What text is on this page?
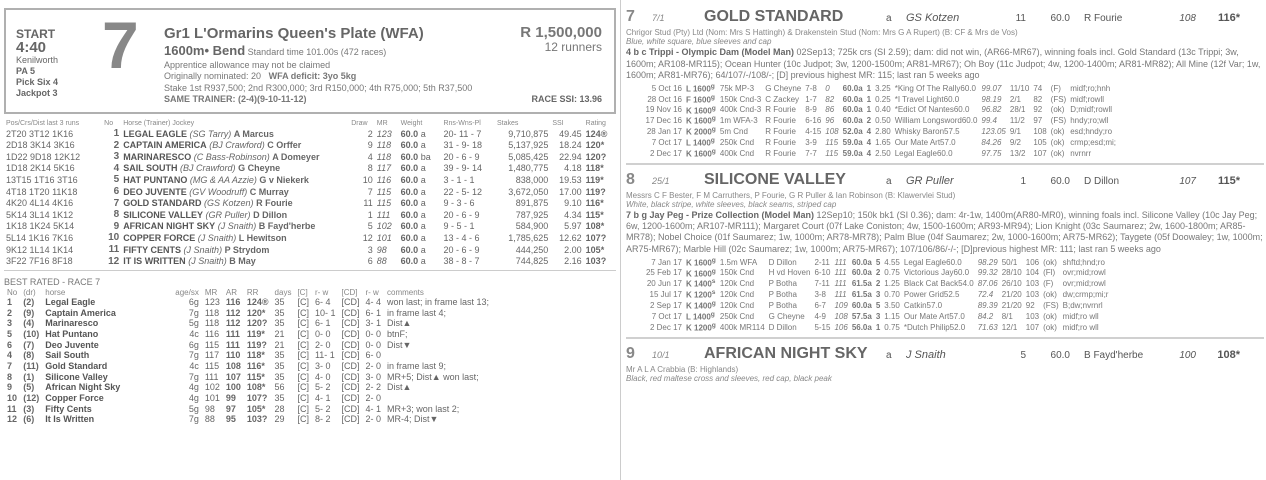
START
4:40
Kenilworth
PA 5
Pick Six 4
Jackpot 3
7 Gr1 L'Ormarins Queen's Plate (WFA)
1600m• Bend Standard time 101.00s (472 races)
Apprentice allowance may not be claimed
Originally nominated: 20 WFA deficit: 3yo 5kg
Stake 1st R937,500; 2nd R300,000; 3rd R150,000; 4th R75,000; 5th R37,500
SAME TRAINER: (2-4)(9-10-11-12)
R 1,500,000
12 runners
RACE SSI: 13.96
Pos/Crs/Dist last 3 runs	No	Horse (Trainer) Jockey	Draw	MR	Weight	Rns-Wns-Pl	Stakes	SSI	Rating
2T20 3T12 1K16	1	LEGAL EAGLE (SG Tarry) A Marcus	2	123	60.0 a	20- 11 - 7	9,710,875	49.45	124®
2D18 3K14 3K16	2	CAPTAIN AMERICA (BJ Crawford) C Orffer	9	118	60.0 a	31 - 9- 18	5,137,925	18.24	120*
1D22 9D18 12K12	3	MARINARESCO (C Bass-Robinson) A Domeyer	4	118	60.0 ba	20 - 6 - 9	5,085,425	22.94	120?
1D18 2K14 5K16	4	SAIL SOUTH (BJ Crawford) G Cheyne	8	117	60.0 a	39 - 9- 14	1,480,775	4.18	118*
13T15 1T16 3T16	5	HAT PUNTANO (MG & AA Azzie) G v Niekerk	10	116	60.0 a	3 - 1 - 1	838,000	19.53	119*
4T18 1T20 11K18	6	DEO JUVENTE (GV Woodruff) C Murray	7	115	60.0 a	22 - 5- 12	3,672,050	17.00	119?
4K20 4L14 4K16	7	GOLD STANDARD (GS Kotzen) R Fourie	11	115	60.0 a	9 - 3 - 6	891,875	9.10	116*
5K14 3L14 1K12	8	SILICONE VALLEY (GR Puller) D Dillon	1	111	60.0 a	20 - 6 - 9	787,925	4.34	115*
1K18 1K24 5K14	9	AFRICAN NIGHT SKY (J Snaith) B Fayd'herbe	5	102	60.0 a	9 - 5 - 1	584,900	5.97	108*
5L14 1K16 7K16	10	COPPER FORCE (J Snaith) L Hewitson	12	101	60.0 a	13 - 4 - 6	1,785,625	12.62	107?
9K12 1L14 1K14	11	FIFTY CENTS (J Snaith) P Strydom	3	98	60.0 a	20 - 6 - 9	444,250	2.00	105*
3F22 7F16 8F18	12	IT IS WRITTEN (J Snaith) B May	6	88	60.0 a	38 - 8 - 7	744,825	2.16	103?
BEST RATED - RACE 7
No	(dr)	horse	age/sx	MR	AR	RR	days	[C]	r- w	[CD]	r- w	comments
1	(2)	Legal Eagle	6g	123	116	124®	35	[C]	6- 4	[CD]	4- 4	won last; in frame last 13;
2	(9)	Captain America	7g	118	112	120*	35	[C]	10- 1	[CD]	6- 1	in frame last 4;
3	(4)	Marinaresco	5g	118	112	120?	35	[C]	6- 1	[CD]	3- 1	Dist▲
5	(10)	Hat Puntano	4c	116	111	119*	21	[C]	0- 0	[CD]	0- 0	btnF;
6	(7)	Deo Juvente	6g	115	111	119?	21	[C]	2- 0	[CD]	0- 0	Dist▼
4	(8)	Sail South	7g	117	110	118*	35	[C]	11- 1	[CD]	6- 0	
7	(11)	Gold Standard	4c	115	108	116*	35	[C]	3- 0	[CD]	2- 0	in frame last 9;
8	(1)	Silicone Valley	7g	111	107	115*	35	[C]	4- 0	[CD]	3- 0	MR+5; Dist▲ won last;
9	(5)	African Night Sky	4g	102	100	108*	56	[C]	5- 2	[CD]	2- 2	Dist▲
10	(12)	Copper Force	4g	101	99	107?	35	[C]	4- 1	[CD]	2- 0	
11	(3)	Fifty Cents	5g	98	97	105*	28	[C]	5- 2	[CD]	4- 1	MR+3; won last 2;
12	(6)	It Is Written	7g	88	95	103?	29	[C]	8- 2	[CD]	2- 0	MR-4; Dist▼
7	7/1	GOLD STANDARD	a	GS Kotzen	11	60.0	R Fourie	108	116*
Chrigor Stud (Pty) Ltd (Nom: Mrs S Hattingh) & Drakenstein Stud (Nom: Mrs G A Rupert) (B: CF & Mrs de Vos)
Blue, white square, blue sleeves and cap
4 b c Trippi - Olympic Dam (Model Man) 02Sep13; 725k crs (SI 2.59); dam: did not win, (AR66-MR67), winning foals incl. Gold Standard (13c Trippi; 3w, 1600m; AR108-MR115); Ocean Hunter (10c Judpot; 3w, 1200-1500m; AR81-MR67); Oh Boy (11c Judpot; 4w, 1200-1400m; AR81-MR82); All Mine (12f Var; 1w, 1600m; AR81-MR76); 64/107/-/108/-; [D] previous highest MR: 115; last ran 5 weeks ago
5 Oct 16	L 1600$^g$	75k MP-3	G Cheyne	7-8	0	60.0a	1	3.25	*King Of The Rally60.0	99.07	11/10	74	(F)	midf;ro;hnh
28 Oct 16	F 1600$^g$	150k Cnd-3	C Zackey	1-7	82	60.0a	1	0.25	*I Travel Light60.0	98.19	2/1	82	(FS)	midf;rowll
19 Nov 16	K 1600$^g$	400k Cnd-3	R Fourie	8-9	86	60.0a	1	0.40	*Edict Of Nantes60.0	96.82	28/1	92	(ok)	D;midf;rowll
17 Dec 16	K 1600$^g$	1m WFA-3	R Fourie	6-16	96	60.0a	2	0.50	William Longsword60.0	99.4	11/2	97	(FS)	hndy;ro;wll
28 Jan 17	K 2000$^g$	5m Cnd	R Fourie	4-15	108	52.0a	4	2.80	Whisky Baron57.5	123.05	9/1	108	(ok)	esd;hndy;ro
7 Oct 17	L 1400$^g$	250k Cnd	R Fourie	3-9	115	59.0a	4	1.65	Our Mate Art57.0	84.26	9/2	105	(ok)	crmp;esd;mi;
2 Dec 17	K 1600$^g$	400k Cnd	R Fourie	7-7	115	59.0a	4	2.50	Legal Eagle60.0	97.75	13/2	107	(ok)	nvrnrr
8	25/1	SILICONE VALLEY	a	GR Puller	1	60.0	D Dillon	107	115*
Messrs C F Bester, F M Carruthers, P Fourie, G R Puller & Ian Robinson (B: Klawervlei Stud)
White, black stripe, white sleeves, black seams, striped cap
7 b g Jay Peg - Prize Collection (Model Man) 12Sep10; 150k bk1 (SI 0.36); dam: 4r-1w, 1400m(AR80-MR0), winning foals incl. Silicone Valley (10c Jay Peg; 6w, 1200-1600m; AR107-MR111); Margaret Court (07f Lake Coniston; 4w, 1500-1600m; AR93-MR94); Lion Knight (03c Saumarez; 2w, 1600-1800m; AR85-MR78); Nobel Choice (01f Saumarez; 1w, 1000m; AR78-MR78); Palm Blue (04f Saumarez; 2w, 1000-1600m; AR75-MR62); Taygete (05f Doowaley; 1w, 1000m; AR75-MR67); Marble Hill (02c Saumarez; 1w, 1000m; AR75-MR67); 107/106/86/-/-; [D]previous highest MR: 111; last ran 5 weeks ago
7 Jan 17	K 1600$^g$	1.5m WFA	D Dillon	2-11	111	60.0a	5	4.55	Legal Eagle60.0	98.29	50/1	106	(ok)	shftd;hnd;ro
25 Feb 17	K 1600$^g$	150k Cnd	H vd Hoven	6-10	111	60.0a	2	0.75	Victorious Jay60.0	99.32	28/10	104	(Fl)	ovr;mid;rowl
20 Jun 17	K 1400$^s$	120k Cnd	P Botha	7-11	111	61.5a	2	1.25	Black Cat Back54.0	87.06	26/10	103	(F)	ovr;mid;rowl
15 Jul 17	K 1200$^s$	120k Cnd	P Botha	3-8	111	61.5a	3	0.70	Power Grid52.5	72.4	21/20	103	(ok)	dw;crmp;mi;r
2 Sep 17	K 1400$^g$	120k Cnd	P Botha	6-7	109	60.0a	5	3.50	Catkin57.0	89.39	21/20	92	(FS)	B;dw;nvrnrl
7 Oct 17	L 1400$^g$	250k Cnd	G Cheyne	4-9	108	57.5a	3	1.15	Our Mate Art57.0	84.2	8/1	103	(ok)	midf;ro wll
2 Dec 17	K 1200$^g$	400k MR114	D Dillon	5-15	106	56.0a	1	0.75	*Dutch Philip52.0	71.63	12/1	107	(ok)	midf;ro wll
9	10/1	AFRICAN NIGHT SKY	a	J Snaith	5	60.0	B Fayd'herbe	100	108*
Mr A L A Crabbia (B: Highlands)
Black, red maltese cross and sleeves, red cap, black peak
